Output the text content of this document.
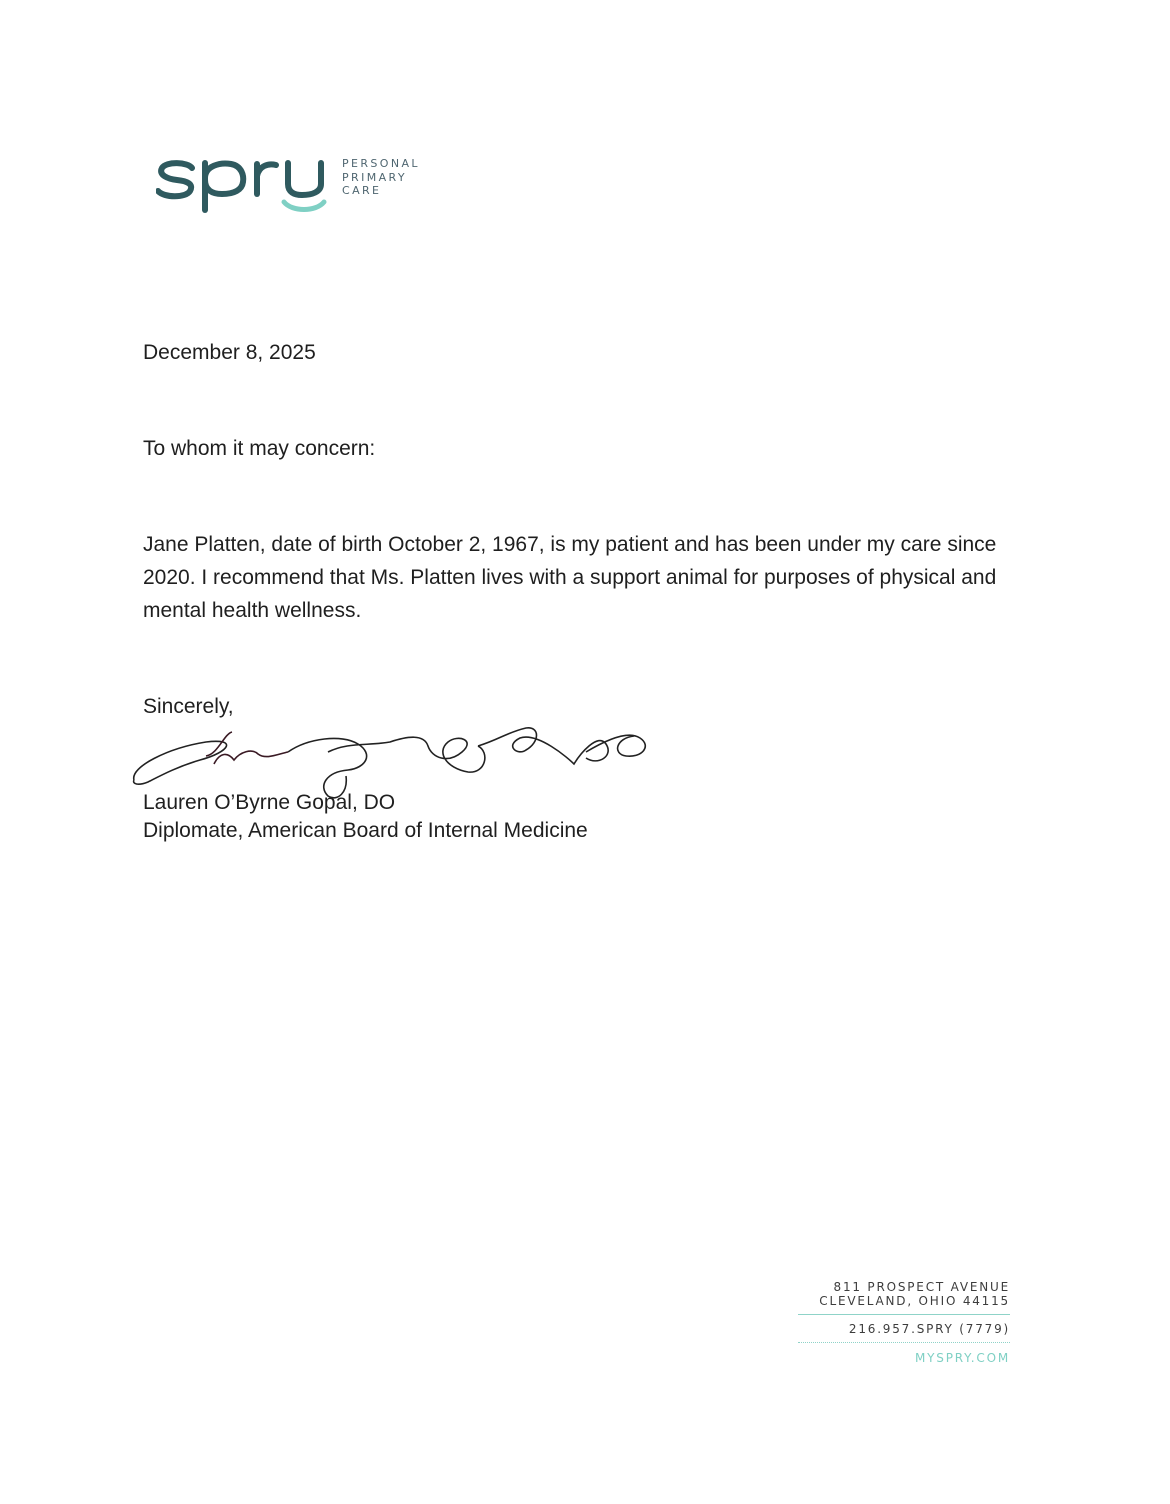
PERSONAL
PRIMARY
CARE
December 8, 2025
To whom it may concern:
Jane Platten, date of birth October 2, 1967, is my patient and has been under my care since 2020. I recommend that Ms. Platten lives with a support animal for purposes of physical and mental health wellness.
Sincerely,
Lauren O’Byrne Gopal, DO
Diplomate, American Board of Internal Medicine
811 PROSPECT AVENUE
CLEVELAND, OHIO 44115
216.957.SPRY (7779)
MYSPRY.COM
